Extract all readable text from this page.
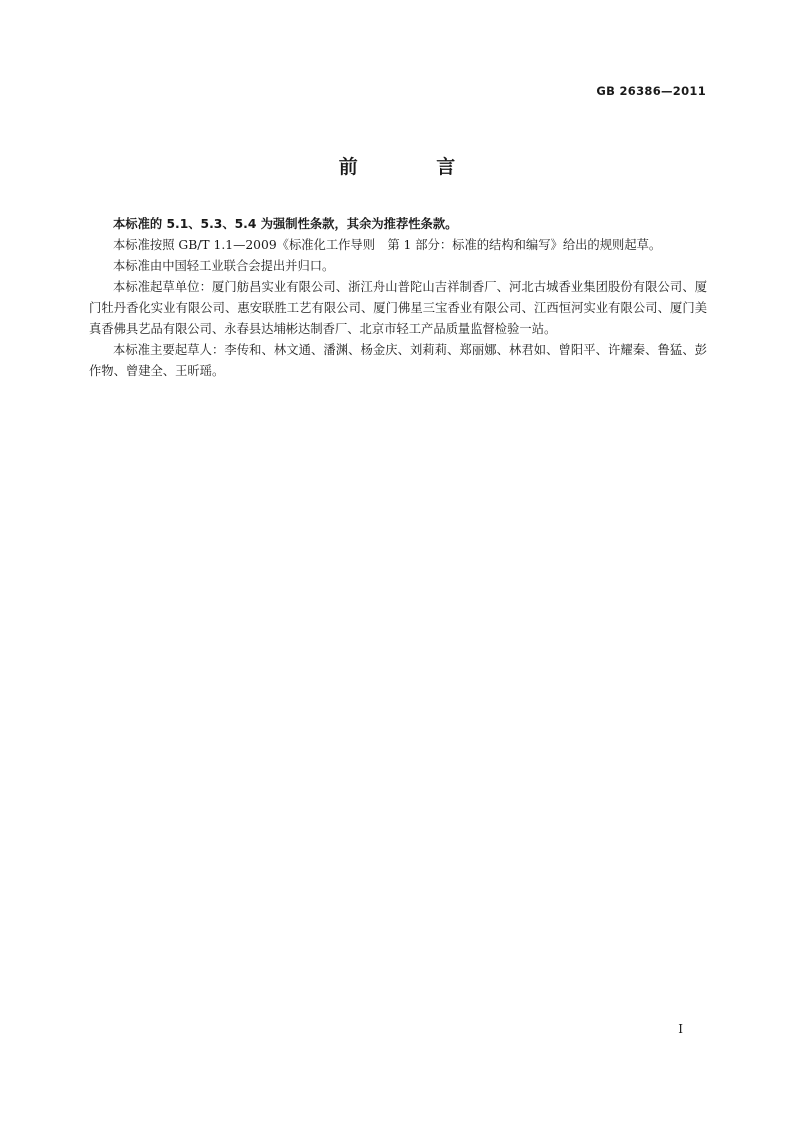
GB 26386—2011
前 言

本标准的 5.1、5.3、5.4 为强制性条款，其余为推荐性条款。

本标准按照 GB/T 1.1—2009《标准化工作导则　第 1 部分：标准的结构和编写》给出的规则起草。

本标准由中国轻工业联合会提出并归口。

本标准起草单位：厦门舫昌实业有限公司、浙江舟山普陀山吉祥制香厂、河北古城香业集团股份有限公司、厦门牡丹香化实业有限公司、惠安联胜工艺有限公司、厦门佛星三宝香业有限公司、江西恒河实业有限公司、厦门美真香佛具艺品有限公司、永春县达埔彬达制香厂、北京市轻工产品质量监督检验一站。

本标准主要起草人：李传和、林文通、潘渊、杨金庆、刘莉莉、郑丽娜、林君如、曾阳平、许耀秦、鲁猛、彭作物、曾建全、王昕瑶。

I
